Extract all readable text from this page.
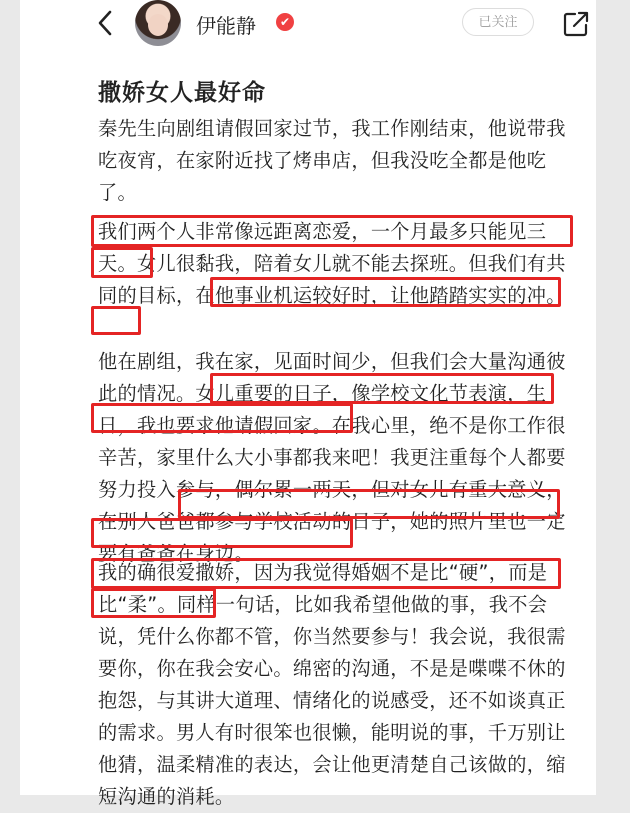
伊能静	✔	已关注
撒娇女人最好命
秦先生向剧组请假回家过节，我工作刚结束，他说带我吃夜宵，在家附近找了烤串店，但我没吃全都是他吃了。
我们两个人非常像远距离恋爱，一个月最多只能见三天。女儿很黏我，陪着女儿就不能去探班。但我们有共同的目标，在他事业机运较好时，让他踏踏实实的冲。
他在剧组，我在家，见面时间少，但我们会大量沟通彼此的情况。女儿重要的日子，像学校文化节表演，生日，我也要求他请假回家。在我心里，绝不是你工作很辛苦，家里什么大小事都我来吧！我更注重每个人都要努力投入参与，偶尔累一两天，但对女儿有重大意义，在别人爸爸都参与学校活动的日子，她的照片里也一定要有爸爸在身边。
我的确很爱撒娇，因为我觉得婚姻不是比“硬”，而是比“柔”。同样一句话，比如我希望他做的事，我不会说，凭什么你都不管，你当然要参与！我会说，我很需要你，你在我会安心。绵密的沟通，不是是喋喋不休的抱怨，与其讲大道理、情绪化的说感受，还不如谈真正的需求。男人有时很笨也很懒，能明说的事，千万别让他猜，温柔精准的表达，会让他更清楚自己该做的，缩短沟通的消耗。
